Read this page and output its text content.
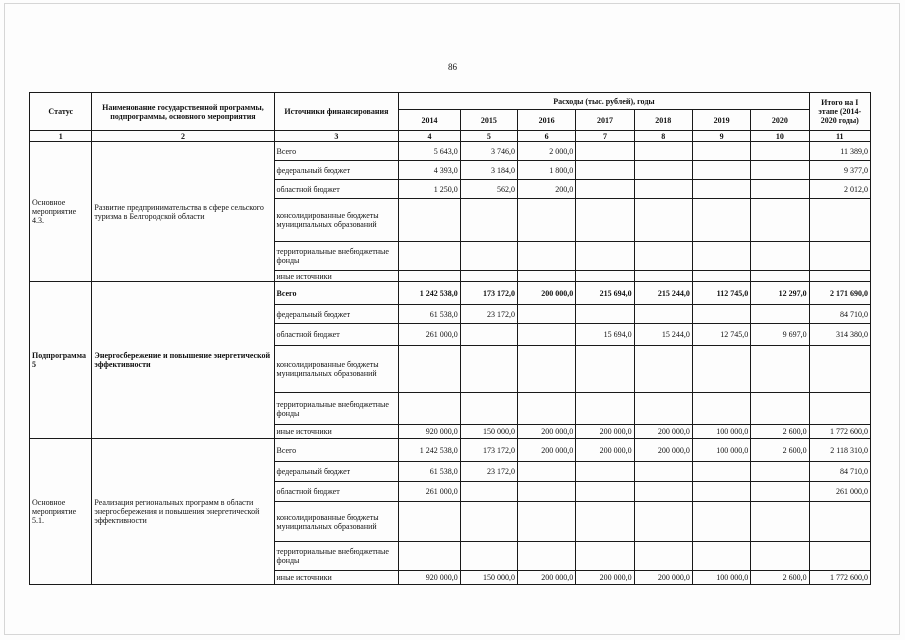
86
Статус	Наименование государственной программы, подпрограммы, основного мероприятия	Источники финансирования	Расходы (тыс. рублей), годы							Итого на I этапе (2014-2020 годы)
			2014	2015	2016	2017	2018	2019	2020	
1	2	3	4	5	6	7	8	9	10	11
Основное мероприятие 4.3.	Развитие предпринимательства в сфере сельского туризма в Белгородской области	Всего	5 643,0	3 746,0	2 000,0					11 389,0
		федеральный бюджет	4 393,0	3 184,0	1 800,0					9 377,0
		областной бюджет	1 250,0	562,0	200,0					2 012,0
		консолидированные бюджеты муниципальных образований								
		территориальные внебюджетные фонды								
		иные источники								
Подпрограмма 5	Энергосбережение и повышение энергетической эффективности	Всего	1 242 538,0	173 172,0	200 000,0	215 694,0	215 244,0	112 745,0	12 297,0	2 171 690,0
		федеральный бюджет	61 538,0	23 172,0						84 710,0
		областной бюджет	261 000,0			15 694,0	15 244,0	12 745,0	9 697,0	314 380,0
		консолидированные бюджеты муниципальных образований								
		территориальные внебюджетные фонды								
		иные источники	920 000,0	150 000,0	200 000,0	200 000,0	200 000,0	100 000,0	2 600,0	1 772 600,0
Основное мероприятие 5.1.	Реализация региональных программ в области энергосбережения и повышения энергетической эффективности	Всего	1 242 538,0	173 172,0	200 000,0	200 000,0	200 000,0	100 000,0	2 600,0	2 118 310,0
		федеральный бюджет	61 538,0	23 172,0						84 710,0
		областной бюджет	261 000,0							261 000,0
		консолидированные бюджеты муниципальных образований								
		территориальные внебюджетные фонды								
		иные источники	920 000,0	150 000,0	200 000,0	200 000,0	200 000,0	100 000,0	2 600,0	1 772 600,0
